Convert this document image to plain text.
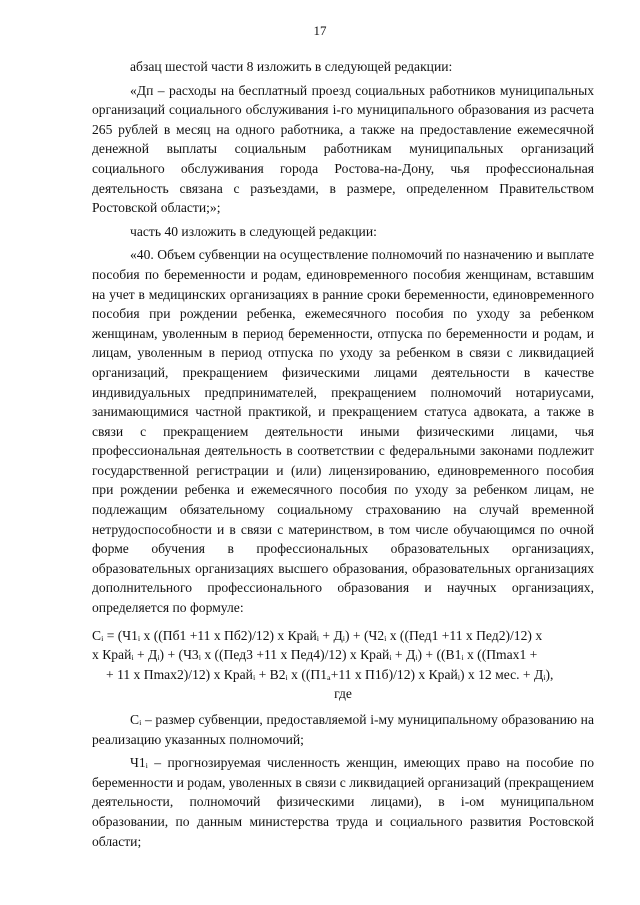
17

абзац шестой части 8 изложить в следующей редакции:

«Дп – расходы на бесплатный проезд социальных работников муниципальных организаций социального обслуживания i-го муниципального образования из расчета 265 рублей в месяц на одного работника, а также на предоставление ежемесячной денежной выплаты социальным работникам муниципальных организаций социального обслуживания города Ростова-на-Дону, чья профессиональная деятельность связана с разъездами, в размере, определенном Правительством Ростовской области;»;

часть 40 изложить в следующей редакции:

«40. Объем субвенции на осуществление полномочий по назначению и выплате пособия по беременности и родам, единовременного пособия женщинам, вставшим на учет в медицинских организациях в ранние сроки беременности, единовременного пособия при рождении ребенка, ежемесячного пособия по уходу за ребенком женщинам, уволенным в период беременности, отпуска по беременности и родам, и лицам, уволенным в период отпуска по уходу за ребенком в связи с ликвидацией организаций, прекращением физическими лицами деятельности в качестве индивидуальных предпринимателей, прекращением полномочий нотариусами, занимающимися частной практикой, и прекращением статуса адвоката, а также в связи с прекращением деятельности иными физическими лицами, чья профессиональная деятельность в соответствии с федеральными законами подлежит государственной регистрации и (или) лицензированию, единовременного пособия при рождении ребенка и ежемесячного пособия по уходу за ребенком лицам, не подлежащим обязательному социальному страхованию на случай временной нетрудоспособности и в связи с материнством, в том числе обучающимся по очной форме обучения в профессиональных образовательных организациях, образовательных организациях высшего образования, образовательных организациях дополнительного профессионального образования и научных организациях, определяется по формуле:

Cᵢ = (Ч1ᵢ х ((Пб1 +11 х Пб2)/12) х Крайᵢ + Дᵢ) + (Ч2ᵢ х ((Пед1 +11 х Пед2)/12) х
х Крайᵢ + Дᵢ) + (Ч3ᵢ х ((Пед3 +11 х Пед4)/12) х Крайᵢ + Дᵢ) + ((В1ᵢ х ((Пmax1 +
+ 11 х Пmax2)/12) х Крайᵢ + В2ᵢ х ((П1ₐ+11 х П1б)/12) х Крайᵢ) х 12 мес. + Дᵢ),
где

Cᵢ – размер субвенции, предоставляемой i-му муниципальному образованию на реализацию указанных полномочий;

Ч1ᵢ – прогнозируемая численность женщин, имеющих право на пособие по беременности и родам, уволенных в связи с ликвидацией организаций (прекращением деятельности, полномочий физическими лицами), в i-ом муниципальном образовании, по данным министерства труда и социального развития Ростовской области;
